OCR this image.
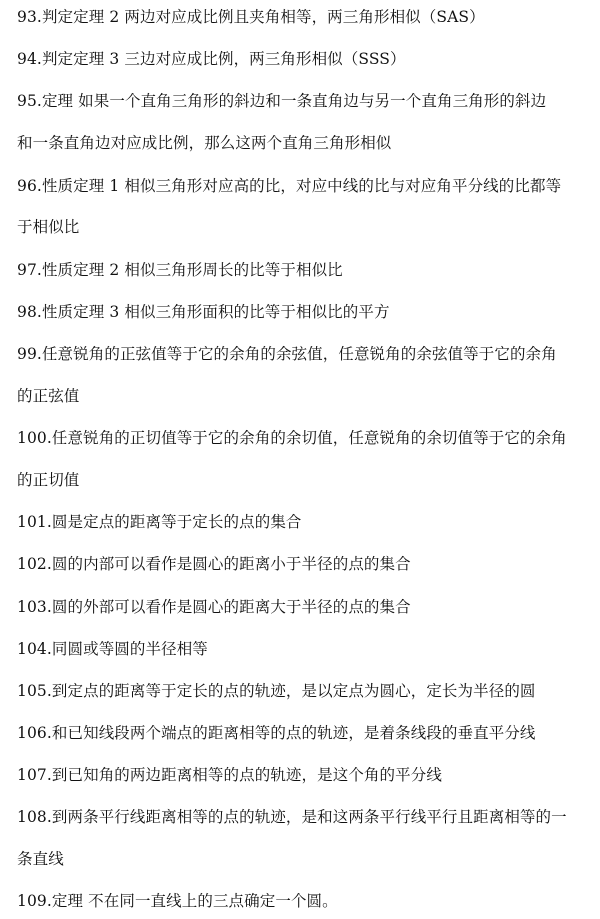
93.判定定理 2 两边对应成比例且夹角相等，两三角形相似（SAS）
94.判定定理 3 三边对应成比例，两三角形相似（SSS）
95.定理 如果一个直角三角形的斜边和一条直角边与另一个直角三角形的斜边
和一条直角边对应成比例，那么这两个直角三角形相似
96.性质定理 1 相似三角形对应高的比，对应中线的比与对应角平分线的比都等
于相似比
97.性质定理 2 相似三角形周长的比等于相似比
98.性质定理 3 相似三角形面积的比等于相似比的平方
99.任意锐角的正弦值等于它的余角的余弦值，任意锐角的余弦值等于它的余角
的正弦值
100.任意锐角的正切值等于它的余角的余切值，任意锐角的余切值等于它的余角
的正切值
101.圆是定点的距离等于定长的点的集合
102.圆的内部可以看作是圆心的距离小于半径的点的集合
103.圆的外部可以看作是圆心的距离大于半径的点的集合
104.同圆或等圆的半径相等
105.到定点的距离等于定长的点的轨迹，是以定点为圆心，定长为半径的圆
106.和已知线段两个端点的距离相等的点的轨迹，是着条线段的垂直平分线
107.到已知角的两边距离相等的点的轨迹，是这个角的平分线
108.到两条平行线距离相等的点的轨迹，是和这两条平行线平行且距离相等的一
条直线
109.定理 不在同一直线上的三点确定一个圆。
